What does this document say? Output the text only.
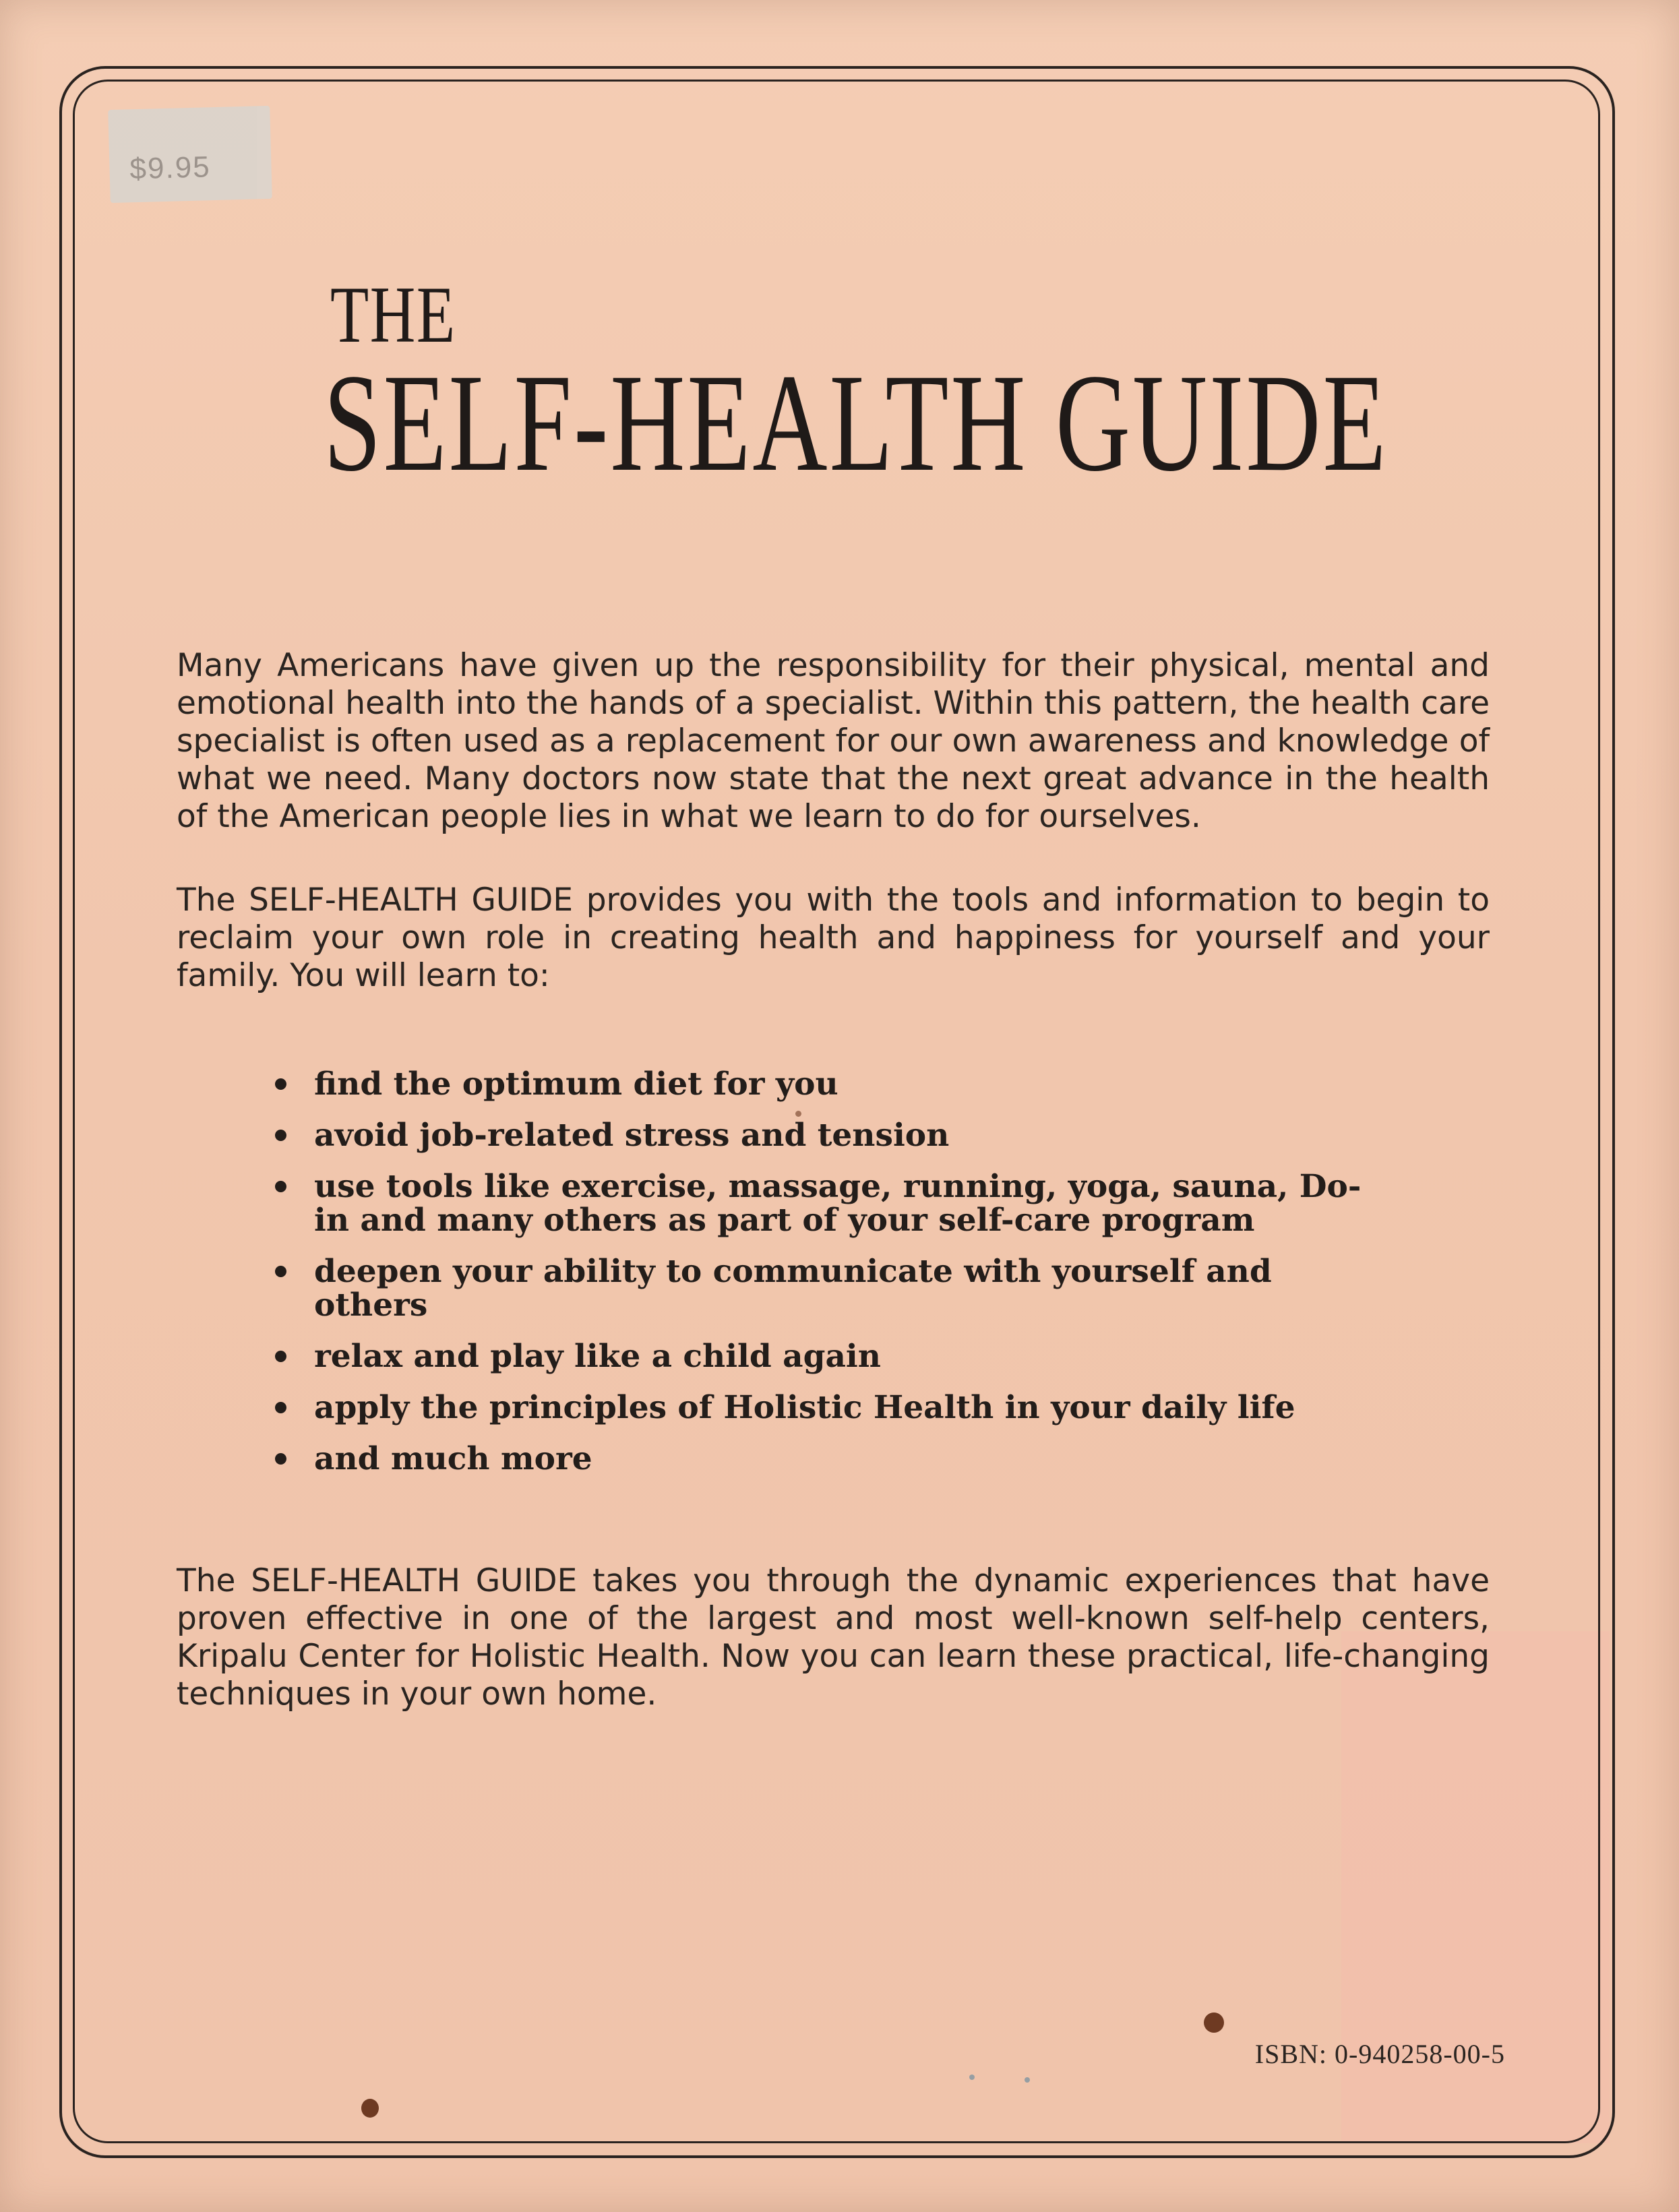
$9.95
THE
SELF-HEALTH GUIDE

Many Americans have given up the responsibility for their physical, mental and emotional health into the hands of a specialist. Within this pattern, the health care specialist is often used as a replacement for our own awareness and knowledge of what we need. Many doctors now state that the next great advance in the health of the American people lies in what we learn to do for ourselves.

The SELF-HEALTH GUIDE provides you with the tools and information to begin to reclaim your own role in creating health and happiness for yourself and your family. You will learn to:

find the optimum diet for you
avoid job-related stress and tension
use tools like exercise, massage, running, yoga, sauna, Do-in and many others as part of your self-care program
deepen your ability to communicate with yourself and others
relax and play like a child again
apply the principles of Holistic Health in your daily life
and much more

The SELF-HEALTH GUIDE takes you through the dynamic experiences that have proven effective in one of the largest and most well-known self-help centers, Kripalu Center for Holistic Health. Now you can learn these practical, life-changing techniques in your own home.

ISBN: 0-940258-00-5
